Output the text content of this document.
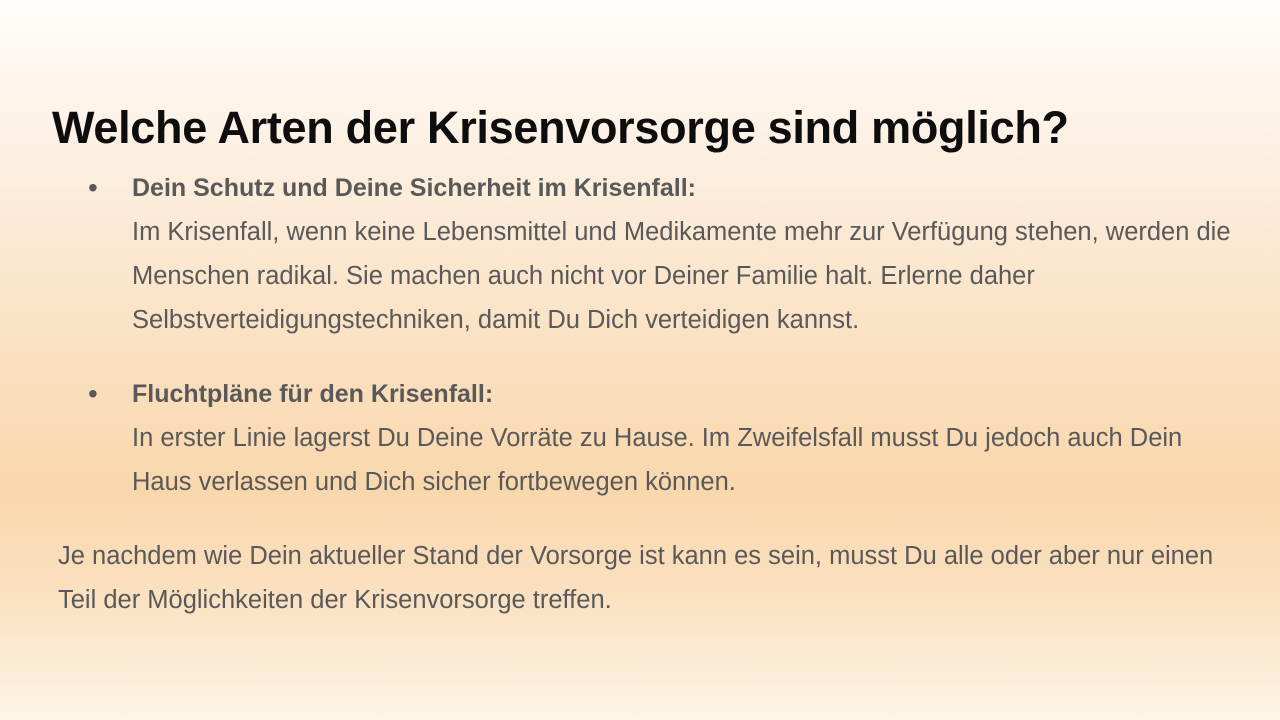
Welche Arten der Krisenvorsorge sind möglich?
• Dein Schutz und Deine Sicherheit im Krisenfall:
Im Krisenfall, wenn keine Lebensmittel und Medikamente mehr zur Verfügung stehen, werden die Menschen radikal. Sie machen auch nicht vor Deiner Familie halt. Erlerne daher Selbstverteidigungstechniken, damit Du Dich verteidigen kannst.
• Fluchtpläne für den Krisenfall:
In erster Linie lagerst Du Deine Vorräte zu Hause. Im Zweifelsfall musst Du jedoch auch Dein Haus verlassen und Dich sicher fortbewegen können.

Je nachdem wie Dein aktueller Stand der Vorsorge ist kann es sein, musst Du alle oder aber nur einen Teil der Möglichkeiten der Krisenvorsorge treffen.
